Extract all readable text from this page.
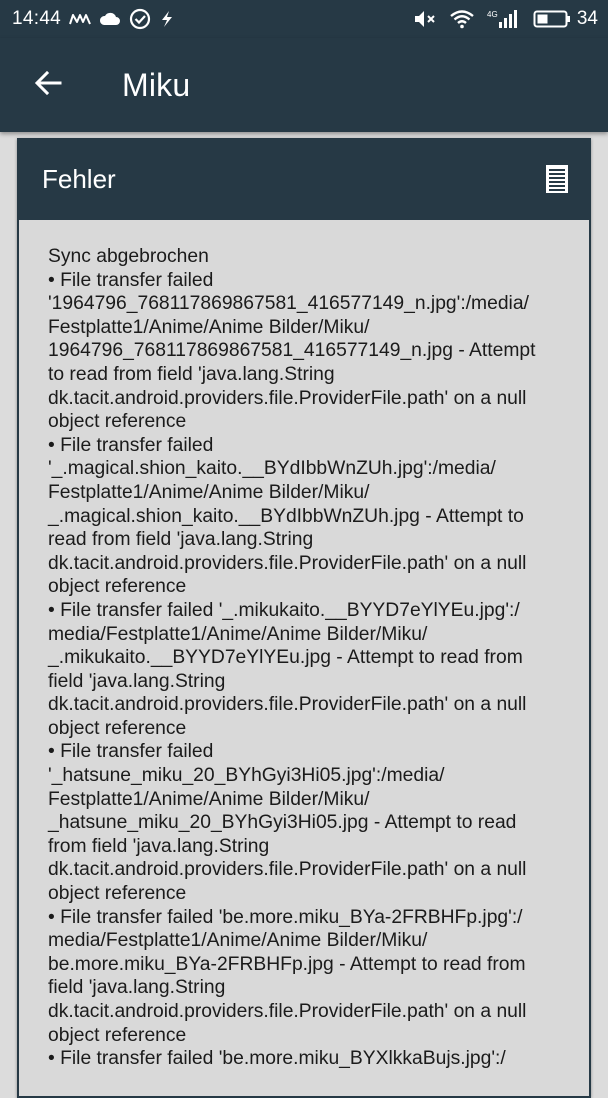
14:44	4G	34
Miku
Fehler
Sync abgebrochen
• File transfer failed
'1964796_768117869867581_416577149_n.jpg':/media/
Festplatte1/Anime/Anime Bilder/Miku/
1964796_768117869867581_416577149_n.jpg - Attempt
to read from field 'java.lang.String
dk.tacit.android.providers.file.ProviderFile.path' on a null
object reference
• File transfer failed
'_.magical.shion_kaito.__BYdIbbWnZUh.jpg':/media/
Festplatte1/Anime/Anime Bilder/Miku/
_.magical.shion_kaito.__BYdIbbWnZUh.jpg - Attempt to
read from field 'java.lang.String
dk.tacit.android.providers.file.ProviderFile.path' on a null
object reference
• File transfer failed '_.mikukaito.__BYYD7eYlYEu.jpg':/
media/Festplatte1/Anime/Anime Bilder/Miku/
_.mikukaito.__BYYD7eYlYEu.jpg - Attempt to read from
field 'java.lang.String
dk.tacit.android.providers.file.ProviderFile.path' on a null
object reference
• File transfer failed
'_hatsune_miku_20_BYhGyi3Hi05.jpg':/media/
Festplatte1/Anime/Anime Bilder/Miku/
_hatsune_miku_20_BYhGyi3Hi05.jpg - Attempt to read
from field 'java.lang.String
dk.tacit.android.providers.file.ProviderFile.path' on a null
object reference
• File transfer failed 'be.more.miku_BYa-2FRBHFp.jpg':/
media/Festplatte1/Anime/Anime Bilder/Miku/
be.more.miku_BYa-2FRBHFp.jpg - Attempt to read from
field 'java.lang.String
dk.tacit.android.providers.file.ProviderFile.path' on a null
object reference
• File transfer failed 'be.more.miku_BYXlkkaBujs.jpg':/
